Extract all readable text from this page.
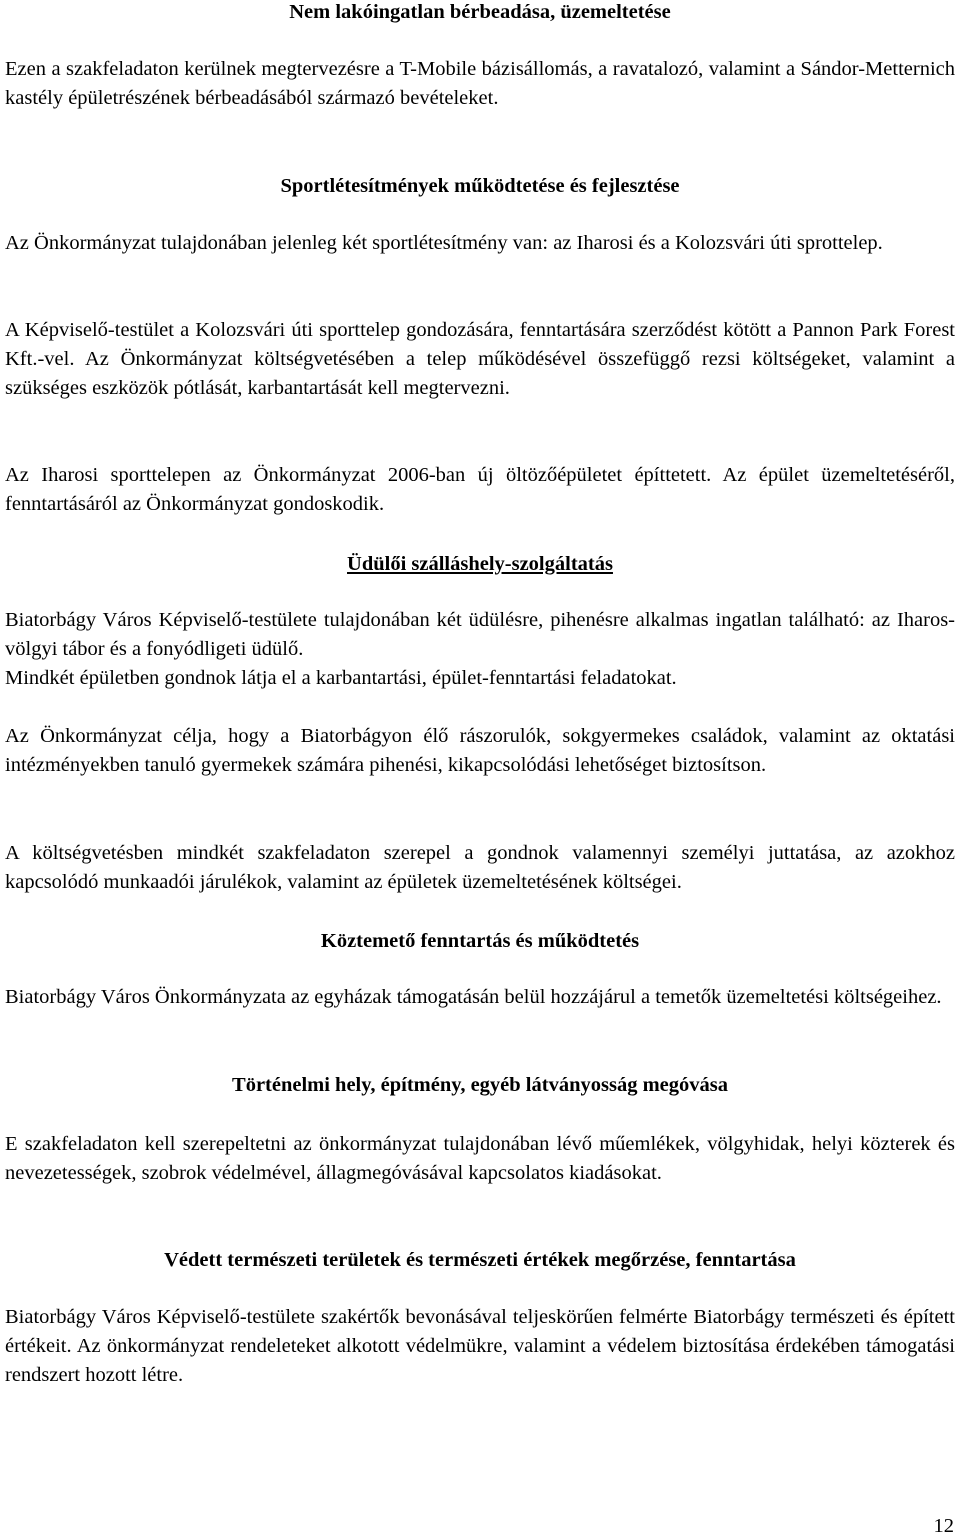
Nem lakóingatlan bérbeadása, üzemeltetése

Ezen a szakfeladaton kerülnek megtervezésre a T-Mobile bázisállomás, a ravatalozó, valamint a Sándor-Metternich kastély épületrészének bérbeadásából származó bevételeket.

Sportlétesítmények működtetése és fejlesztése

Az Önkormányzat tulajdonában jelenleg két sportlétesítmény van: az Iharosi és a Kolozsvári úti sprottelep.

A Képviselő-testület a Kolozsvári úti sporttelep gondozására, fenntartására szerződést kötött a Pannon Park Forest Kft.-vel. Az Önkormányzat költségvetésében a telep működésével összefüggő rezsi költségeket, valamint a szükséges eszközök pótlását, karbantartását kell megtervezni.

Az Iharosi sporttelepen az Önkormányzat 2006-ban új öltözőépületet építtetett. Az épület üzemeltetéséről, fenntartásáról az Önkormányzat gondoskodik.

Üdülői szálláshely-szolgáltatás

Biatorbágy Város Képviselő-testülete tulajdonában két üdülésre, pihenésre alkalmas ingatlan található: az Iharos-völgyi tábor és a fonyódligeti üdülő.

Mindkét épületben gondnok látja el a karbantartási, épület-fenntartási feladatokat.

Az Önkormányzat célja, hogy a Biatorbágyon élő rászorulók, sokgyermekes családok, valamint az oktatási intézményekben tanuló gyermekek számára pihenési, kikapcsolódási lehetőséget biztosítson.

A költségvetésben mindkét szakfeladaton szerepel a gondnok valamennyi személyi juttatása, az azokhoz kapcsolódó munkaadói járulékok, valamint az épületek üzemeltetésének költségei.

Köztemető fenntartás és működtetés

Biatorbágy Város Önkormányzata az egyházak támogatásán belül hozzájárul a temetők üzemeltetési költségeihez.

Történelmi hely, építmény, egyéb látványosság megóvása

E szakfeladaton kell szerepeltetni az önkormányzat tulajdonában lévő műemlékek, völgyhidak, helyi közterek és nevezetességek, szobrok védelmével, állagmegóvásával kapcsolatos kiadásokat.

Védett természeti területek és természeti értékek megőrzése, fenntartása

Biatorbágy Város Képviselő-testülete szakértők bevonásával teljeskörűen felmérte Biatorbágy természeti és épített értékeit. Az önkormányzat rendeleteket alkotott védelmükre, valamint a védelem biztosítása érdekében támogatási rendszert hozott létre.

12
